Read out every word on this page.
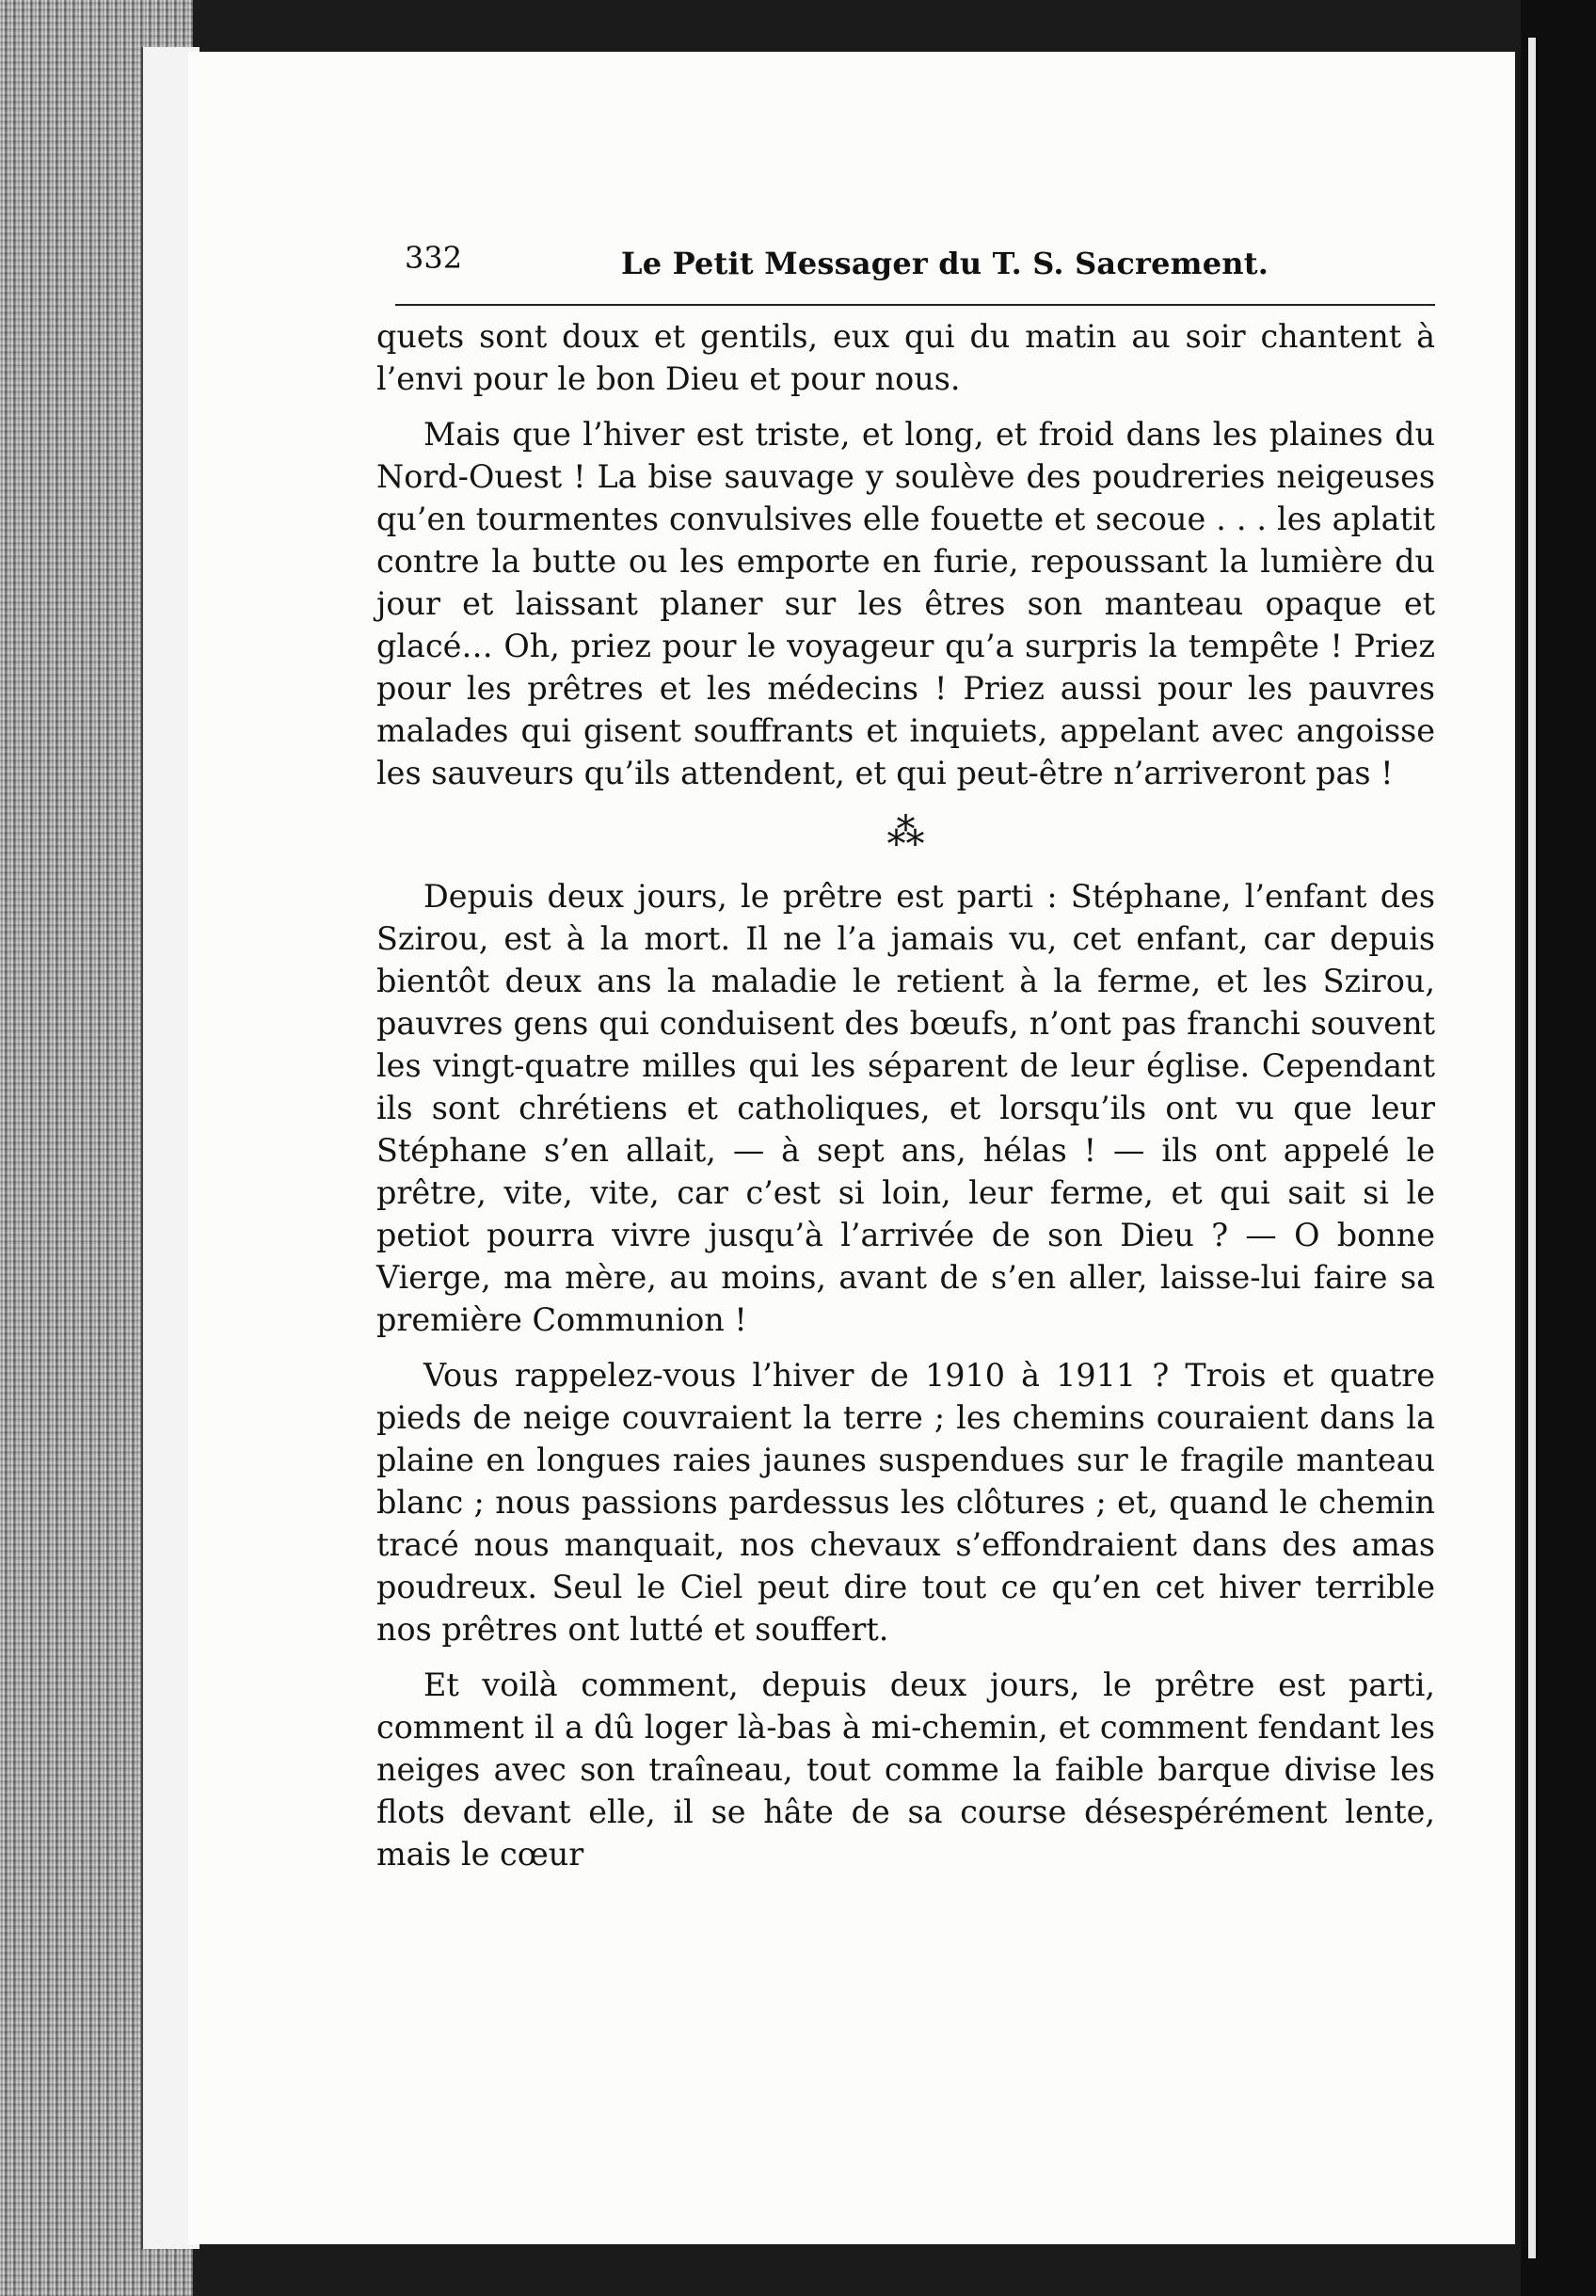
332	Le Petit Messager du T. S. Sacrement.

quets sont doux et gentils, eux qui du matin au soir chantent à l’envi pour le bon Dieu et pour nous.

Mais que l’hiver est triste, et long, et froid dans les plaines du Nord-Ouest ! La bise sauvage y soulève des poudreries neigeuses qu’en tourmentes convulsives elle fouette et secoue . . . les aplatit contre la butte ou les emporte en furie, repoussant la lumière du jour et laissant planer sur les êtres son manteau opaque et glacé… Oh, priez pour le voyageur qu’a surpris la tempête ! Priez pour les prêtres et les médecins ! Priez aussi pour les pauvres malades qui gisent souffrants et inquiets, appelant avec angoisse les sauveurs qu’ils attendent, et qui peut-être n’arriveront pas !

⁂

Depuis deux jours, le prêtre est parti : Stéphane, l’enfant des Szirou, est à la mort. Il ne l’a jamais vu, cet enfant, car depuis bientôt deux ans la maladie le retient à la ferme, et les Szirou, pauvres gens qui conduisent des bœufs, n’ont pas franchi souvent les vingt-quatre milles qui les séparent de leur église. Cependant ils sont chrétiens et catholiques, et lorsqu’ils ont vu que leur Stéphane s’en allait, — à sept ans, hélas ! — ils ont appelé le prêtre, vite, vite, car c’est si loin, leur ferme, et qui sait si le petiot pourra vivre jusqu’à l’arrivée de son Dieu ? — O bonne Vierge, ma mère, au moins, avant de s’en aller, laisse-lui faire sa première Communion !

Vous rappelez-vous l’hiver de 1910 à 1911 ? Trois et quatre pieds de neige couvraient la terre ; les chemins couraient dans la plaine en longues raies jaunes suspendues sur le fragile manteau blanc ; nous passions pardessus les clôtures ; et, quand le chemin tracé nous manquait, nos chevaux s’effondraient dans des amas poudreux. Seul le Ciel peut dire tout ce qu’en cet hiver terrible nos prêtres ont lutté et souffert.

Et voilà comment, depuis deux jours, le prêtre est parti, comment il a dû loger là-bas à mi-chemin, et comment fendant les neiges avec son traîneau, tout comme la faible barque divise les flots devant elle, il se hâte de sa course désespérément lente, mais le cœur
